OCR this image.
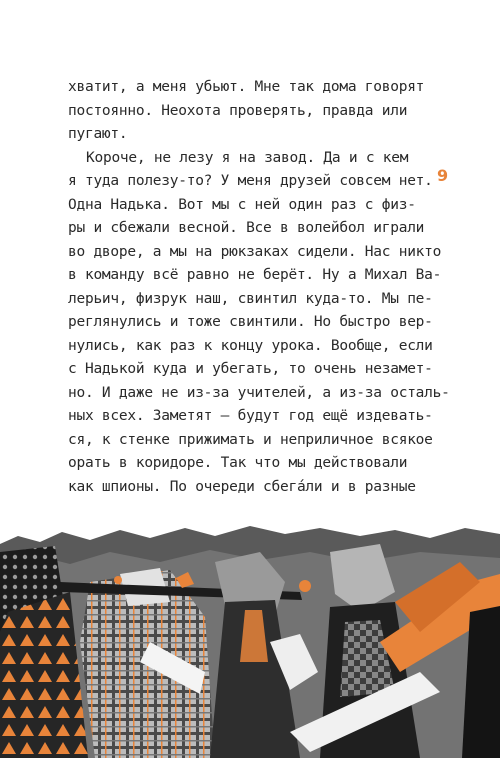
хватит, а меня убьют. Мне так дома говорят
постоянно. Неохота проверять, правда или
пугают.
Короче, не лезу я на завод. Да и с кем
я туда полезу-то? У меня друзей совсем нет.
Одна Надька. Вот мы с ней один раз с физ-
ры и сбежали весной. Все в волейбол играли
во дворе, а мы на рюкзаках сидели. Нас никто
в команду всё равно не берёт. Ну а Михал Ва-
лерьич, физрук наш, свинтил куда-то. Мы пе-
реглянулись и тоже свинтили. Но быстро вер-
нулись, как раз к концу урока. Вообще, если
с Надькой куда и убегать, то очень незамет-
но. И даже не из-за учителей, а из-за осталь-
ных всех. Заметят — будут год ещё издевать-
ся, к стенке прижимать и неприличное всякое
орать в коридоре. Так что мы действовали
как шпионы. По очереди сбегáли и в разные
9
